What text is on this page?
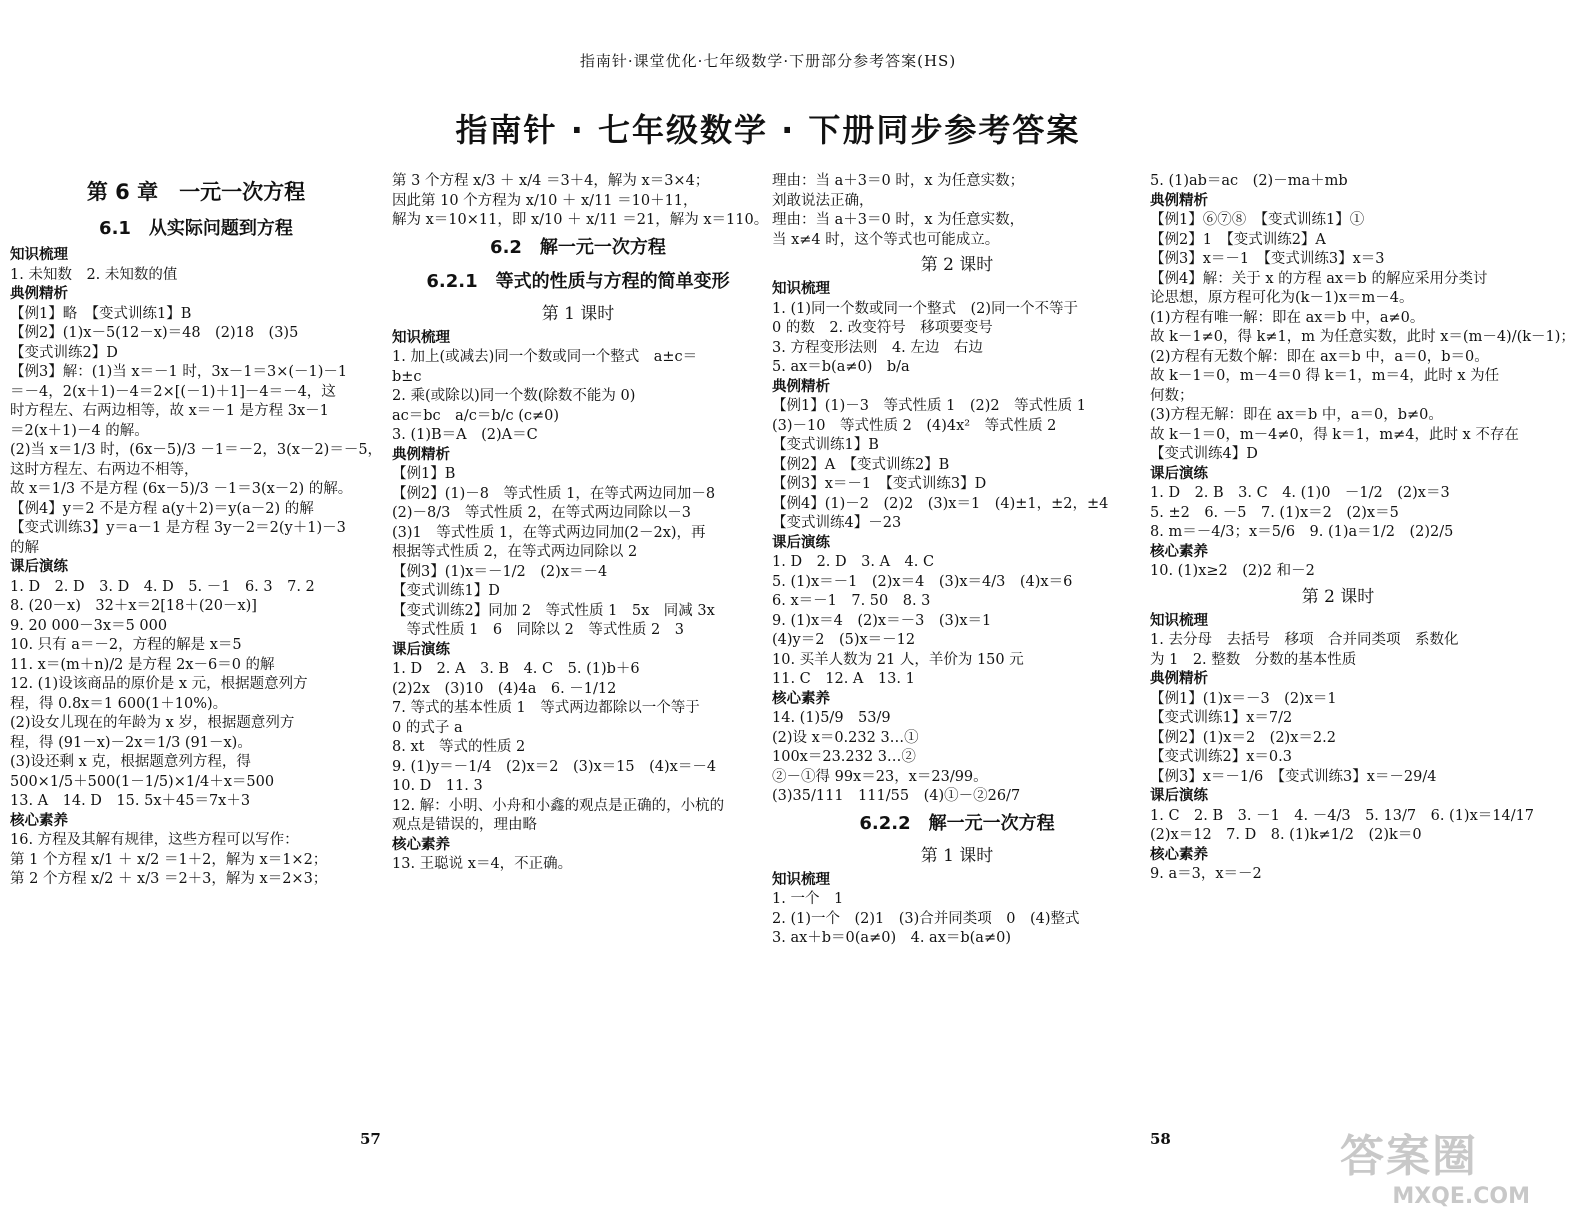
指南针·课堂优化·七年级数学·下册部分参考答案(HS)
指南针 · 七年级数学 · 下册同步参考答案
第 6 章　一元一次方程
6.1　从实际问题到方程
知识梳理
1. 未知数　2. 未知数的值
典例精析
【例1】略　【变式训练1】B
【例2】(1)x－5(12－x)＝48　(2)18　(3)5
【变式训练2】D
【例3】解：(1)当 x＝－1 时，3x－1＝3×(－1)－1
＝－4，2(x＋1)－4＝2×[(－1)＋1]－4＝－4，这
时方程左、右两边相等，故 x＝－1 是方程 3x－1
＝2(x＋1)－4 的解。
(2)当 x＝1/3 时，(6x－5)/3 －1＝－2，3(x－2)＝－5，
这时方程左、右两边不相等，
故 x＝1/3 不是方程 (6x－5)/3 －1＝3(x－2) 的解。
【例4】y＝2 不是方程 a(y＋2)＝y(a－2) 的解
【变式训练3】y＝a－1 是方程 3y－2＝2(y＋1)－3
的解
课后演练
1. D　2. D　3. D　4. D　5. －1　6. 3　7. 2
8. (20－x)　32＋x＝2[18＋(20－x)]
9. 20 000－3x＝5 000
10. 只有 a＝－2，方程的解是 x＝5
11. x＝(m＋n)/2 是方程 2x－6＝0 的解
12. (1)设该商品的原价是 x 元，根据题意列方
程，得 0.8x＝1 600(1＋10%)。
(2)设女儿现在的年龄为 x 岁，根据题意列方
程，得 (91－x)－2x＝1/3 (91－x)。
(3)设还剩 x 克，根据题意列方程，得
500×1/5＋500(1－1/5)×1/4＋x＝500
13. A　14. D　15. 5x＋45＝7x＋3
核心素养
16. 方程及其解有规律，这些方程可以写作：
第 1 个方程 x/1 ＋ x/2 ＝1＋2，解为 x＝1×2；
第 2 个方程 x/2 ＋ x/3 ＝2＋3，解为 x＝2×3；
第 3 个方程 x/3 ＋ x/4 ＝3＋4，解为 x＝3×4；
因此第 10 个方程为 x/10 ＋ x/11 ＝10＋11，
解为 x＝10×11，即 x/10 ＋ x/11 ＝21，解为 x＝110。
6.2　解一元一次方程
6.2.1　等式的性质与方程的简单变形
第 1 课时
知识梳理
1. 加上(或减去)同一个数或同一个整式　a±c＝
b±c
2. 乘(或除以)同一个数(除数不能为 0)
ac＝bc　a/c＝b/c (c≠0)
3. (1)B＝A　(2)A＝C
典例精析
【例1】B
【例2】(1)－8　等式性质 1，在等式两边同加－8
(2)－8/3　等式性质 2，在等式两边同除以－3
(3)1　等式性质 1，在等式两边同加(2－2x)，再
根据等式性质 2，在等式两边同除以 2
【例3】(1)x＝－1/2　(2)x＝－4
【变式训练1】D
【变式训练2】同加 2　等式性质 1　5x　同减 3x
　等式性质 1　6　同除以 2　等式性质 2　3
课后演练
1. D　2. A　3. B　4. C　5. (1)b＋6
(2)2x　(3)10　(4)4a　6. －1/12
7. 等式的基本性质 1　等式两边都除以一个等于
0 的式子 a
8. xt　等式的性质 2
9. (1)y＝－1/4　(2)x＝2　(3)x＝15　(4)x＝－4
10. D　11. 3
12. 解：小明、小舟和小鑫的观点是正确的，小杭的
观点是错误的，理由略
核心素养
13. 王聪说 x＝4，不正确。
理由：当 a＋3＝0 时，x 为任意实数；
刘敢说法正确，
理由：当 a＋3＝0 时，x 为任意实数，
当 x≠4 时，这个等式也可能成立。
第 2 课时
知识梳理
1. (1)同一个数或同一个整式　(2)同一个不等于
0 的数　2. 改变符号　移项要变号
3. 方程变形法则　4. 左边　右边
5. ax＝b(a≠0)　b/a
典例精析
【例1】(1)－3　等式性质 1　(2)2　等式性质 1
(3)－10　等式性质 2　(4)4x²　等式性质 2
【变式训练1】B
【例2】A　【变式训练2】B
【例3】x＝－1　【变式训练3】D
【例4】(1)－2　(2)2　(3)x＝1　(4)±1，±2，±4
【变式训练4】－23
课后演练
1. D　2. D　3. A　4. C
5. (1)x＝－1　(2)x＝4　(3)x＝4/3　(4)x＝6
6. x＝－1　7. 50　8. 3
9. (1)x＝4　(2)x＝－3　(3)x＝1
(4)y＝2　(5)x＝－12
10. 买羊人数为 21 人，羊价为 150 元
11. C　12. A　13. 1
核心素养
14. (1)5/9　53/9
(2)设 x＝0.232 3…①
100x＝23.232 3…②
②－①得 99x＝23，x＝23/99。
(3)35/111　111/55　(4)①－②26/7
6.2.2　解一元一次方程
第 1 课时
知识梳理
1. 一个　1
2. (1)一个　(2)1　(3)合并同类项　0　(4)整式
3. ax＋b＝0(a≠0)　4. ax＝b(a≠0)
5. (1)ab＝ac　(2)－ma＋mb
典例精析
【例1】⑥⑦⑧　【变式训练1】①
【例2】1　【变式训练2】A
【例3】x＝－1　【变式训练3】x＝3
【例4】解：关于 x 的方程 ax＝b 的解应采用分类讨
论思想，原方程可化为(k－1)x＝m－4。
(1)方程有唯一解：即在 ax＝b 中，a≠0。
故 k－1≠0，得 k≠1，m 为任意实数，此时 x＝(m－4)/(k－1)；
(2)方程有无数个解：即在 ax＝b 中，a＝0，b＝0。
故 k－1＝0，m－4＝0 得 k＝1，m＝4，此时 x 为任
何数；
(3)方程无解：即在 ax＝b 中，a＝0，b≠0。
故 k－1＝0，m－4≠0，得 k＝1，m≠4，此时 x 不存在
【变式训练4】D
课后演练
1. D　2. B　3. C　4. (1)0　－1/2　(2)x＝3
5. ±2　6. －5　7. (1)x＝2　(2)x＝5
8. m＝－4/3；x＝5/6　9. (1)a＝1/2　(2)2/5
核心素养
10. (1)x≥2　(2)2 和－2
第 2 课时
知识梳理
1. 去分母　去括号　移项　合并同类项　系数化
为 1　2. 整数　分数的基本性质
典例精析
【例1】(1)x＝－3　(2)x＝1
【变式训练1】x＝7/2
【例2】(1)x＝2　(2)x＝2.2
【变式训练2】x＝0.3
【例3】x＝－1/6　【变式训练3】x＝－29/4
课后演练
1. C　2. B　3. －1　4. －4/3　5. 13/7　6. (1)x＝14/17
(2)x＝12　7. D　8. (1)k≠1/2　(2)k＝0
核心素养
9. a＝3，x＝－2
57	58	答案圈
MXQE.COM
